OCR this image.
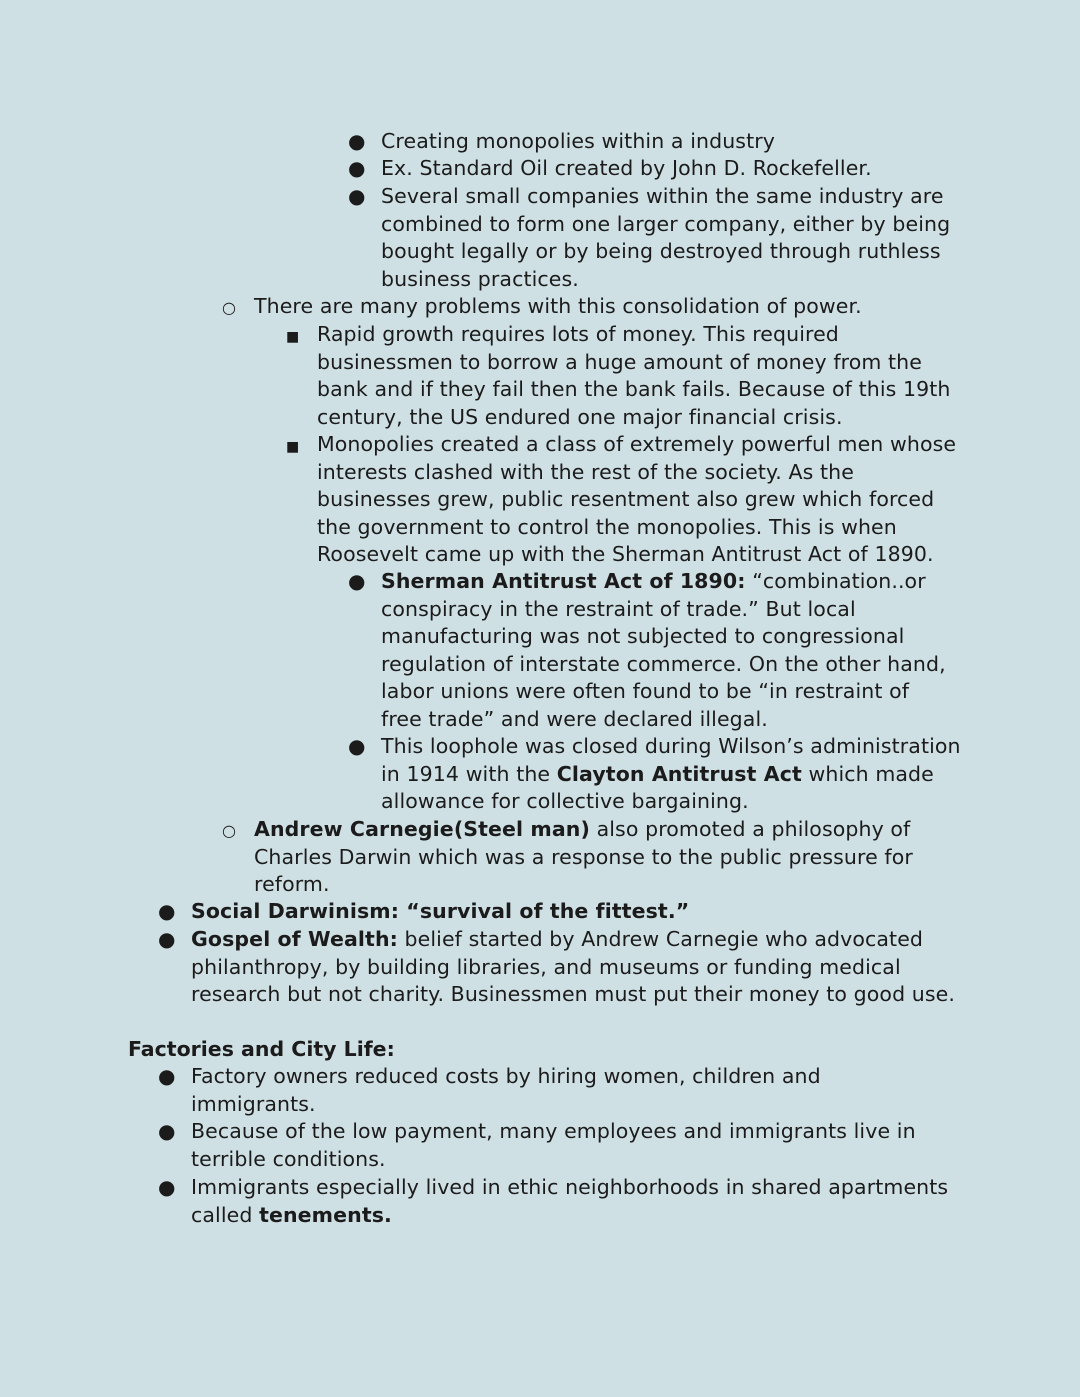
●
Creating monopolies within a industry
●
Ex. Standard Oil created by John D. Rockefeller.
●
Several small companies within the same industry are combined to form one larger company, either by being bought legally or by being destroyed through ruthless business practices.
○
There are many problems with this consolidation of power.
■
Rapid growth requires lots of money. This required businessmen to borrow a huge amount of money from the bank and if they fail then the bank fails. Because of this 19th century, the US endured one major financial crisis.
■
Monopolies created a class of extremely powerful men whose interests clashed with the rest of the society. As the businesses grew, public resentment also grew which forced the government to control the monopolies. This is when Roosevelt came up with the Sherman Antitrust Act of 1890.
●
Sherman Antitrust Act of 1890: “combination..or conspiracy in the restraint of trade.” But local manufacturing was not subjected to congressional regulation of interstate commerce. On the other hand, labor unions were often found to be “in restraint of free trade” and were declared illegal.
●
This loophole was closed during Wilson’s administration in 1914 with the Clayton Antitrust Act which made allowance for collective bargaining.
○
Andrew Carnegie(Steel man) also promoted a philosophy of Charles Darwin which was a response to the public pressure for reform.
●
Social Darwinism: “survival of the fittest.”
●
Gospel of Wealth: belief started by Andrew Carnegie who advocated philanthropy, by building libraries, and museums or funding medical research but not charity. Businessmen must put their money to good use.
Factories and City Life:
●
Factory owners reduced costs by hiring women, children and immigrants.
●
Because of the low payment, many employees and immigrants live in terrible conditions.
●
Immigrants especially lived in ethic neighborhoods in shared apartments called tenements.
